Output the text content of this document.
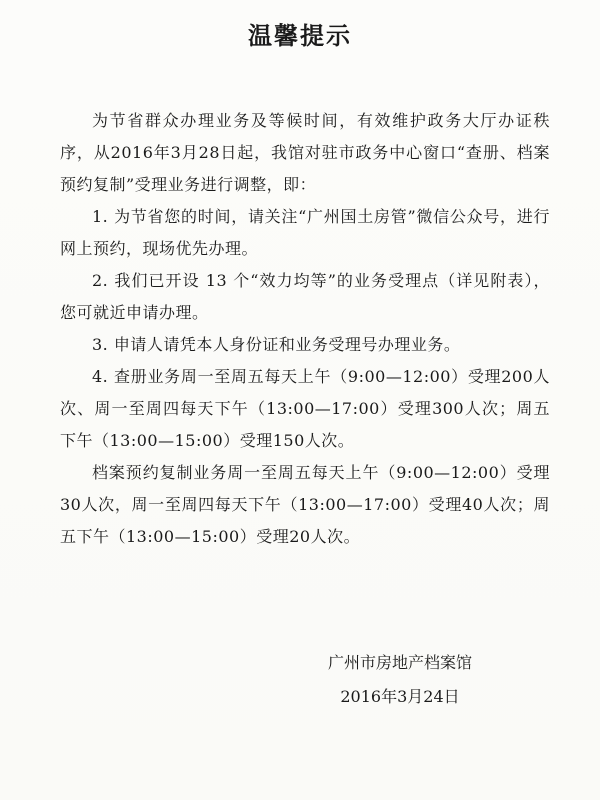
温馨提示

为节省群众办理业务及等候时间，有效维护政务大厅办证秩序，从2016年3月28日起，我馆对驻市政务中心窗口“查册、档案预约复制”受理业务进行调整，即：

1. 为节省您的时间，请关注“广州国土房管”微信公众号，进行网上预约，现场优先办理。

2. 我们已开设 13 个“效力均等”的业务受理点（详见附表），您可就近申请办理。

3. 申请人请凭本人身份证和业务受理号办理业务。

4. 查册业务周一至周五每天上午（9:00—12:00）受理200人次、周一至周四每天下午（13:00—17:00）受理300人次；周五下午（13:00—15:00）受理150人次。

档案预约复制业务周一至周五每天上午（9:00—12:00）受理30人次，周一至周四每天下午（13:00—17:00）受理40人次；周五下午（13:00—15:00）受理20人次。

广州市房地产档案馆
2016年3月24日
